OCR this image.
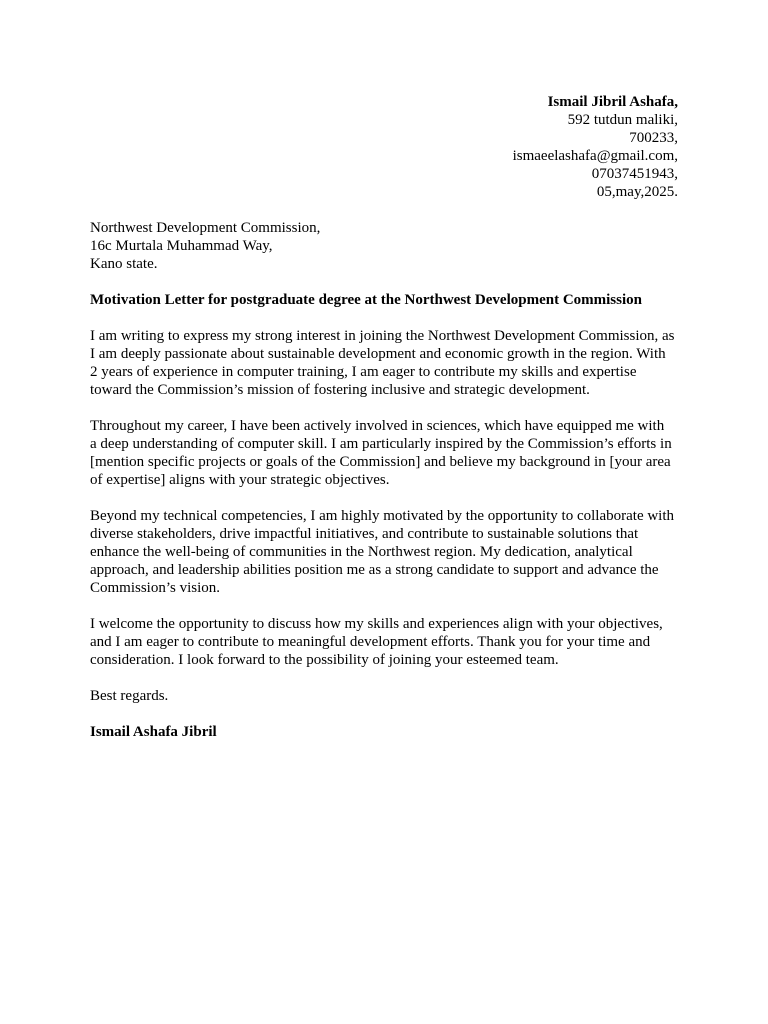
Ismail Jibril Ashafa,
592 tutdun maliki,
700233,
ismaeelashafa@gmail.com,
07037451943,
05,may,2025.
Northwest Development Commission,
16c Murtala Muhammad Way,
Kano state.
Motivation Letter for postgraduate degree at the Northwest Development Commission
I am writing to express my strong interest in joining the Northwest Development Commission, as
I am deeply passionate about sustainable development and economic growth in the region. With
2 years of experience in computer training, I am eager to contribute my skills and expertise
toward the Commission’s mission of fostering inclusive and strategic development.
Throughout my career, I have been actively involved in sciences, which have equipped me with
a deep understanding of computer skill. I am particularly inspired by the Commission’s efforts in
[mention specific projects or goals of the Commission] and believe my background in [your area
of expertise] aligns with your strategic objectives.
Beyond my technical competencies, I am highly motivated by the opportunity to collaborate with
diverse stakeholders, drive impactful initiatives, and contribute to sustainable solutions that
enhance the well-being of communities in the Northwest region. My dedication, analytical
approach, and leadership abilities position me as a strong candidate to support and advance the
Commission’s vision.
I welcome the opportunity to discuss how my skills and experiences align with your objectives,
and I am eager to contribute to meaningful development efforts. Thank you for your time and
consideration. I look forward to the possibility of joining your esteemed team.
Best regards.
Ismail Ashafa Jibril
